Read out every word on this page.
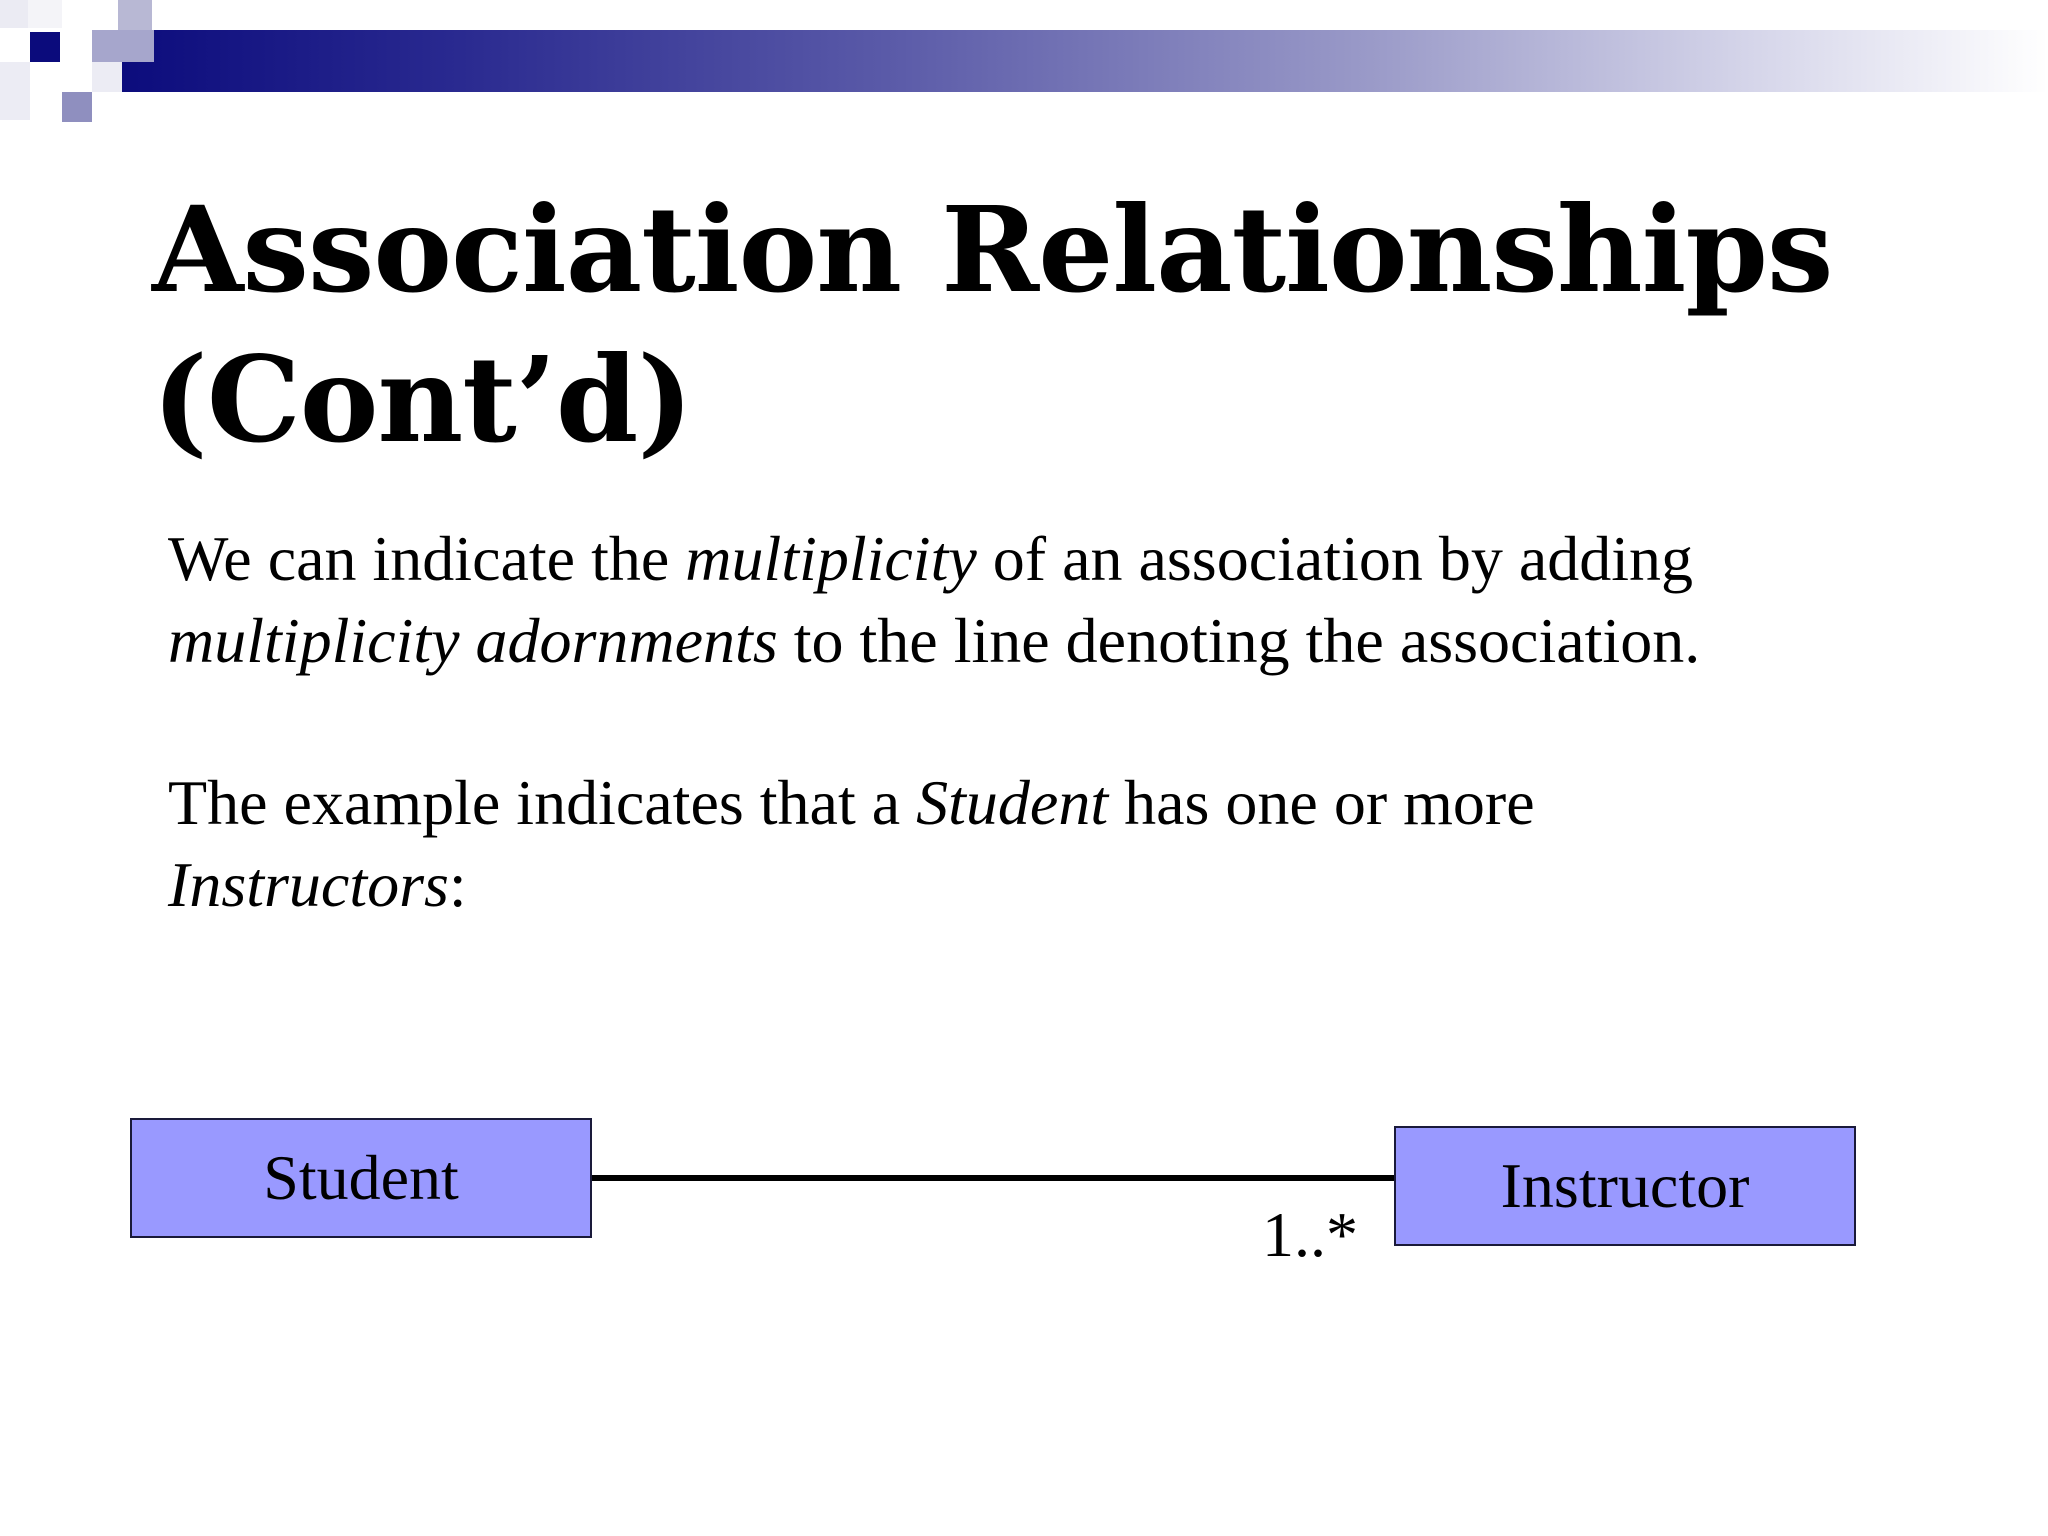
Association Relationships
(Cont’d)

We can indicate the multiplicity of an association by adding
multiplicity adornments to the line denoting the association.

The example indicates that a Student has one or more
Instructors:

Student	Instructor
1..*
